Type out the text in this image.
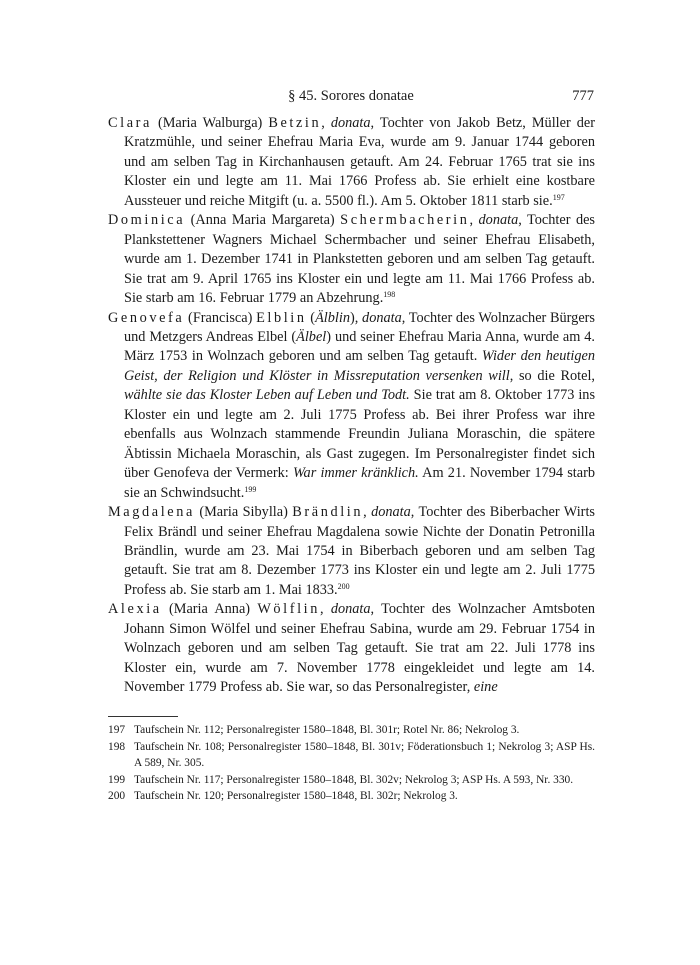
§ 45. Sorores donatae	777

Clara (Maria Walburga) Betzin, donata, Tochter von Jakob Betz, Müller der Kratzmühle, und seiner Ehefrau Maria Eva, wurde am 9. Januar 1744 geboren und am selben Tag in Kirchanhausen getauft. Am 24. Februar 1765 trat sie ins Kloster ein und legte am 11. Mai 1766 Profess ab. Sie erhielt eine kostbare Aussteuer und reiche Mitgift (u. a. 5500 fl.). Am 5. Oktober 1811 starb sie.$^{197}$

Dominica (Anna Maria Margareta) Schermbacherin, donata, Tochter des Plankstettener Wagners Michael Schermbacher und seiner Ehefrau Elisabeth, wurde am 1. Dezember 1741 in Plankstetten geboren und am selben Tag getauft. Sie trat am 9. April 1765 ins Kloster ein und legte am 11. Mai 1766 Profess ab. Sie starb am 16. Februar 1779 an Abzehrung.$^{198}$

Genovefa (Francisca) Elblin (Älblin), donata, Tochter des Wolnzacher Bürgers und Metzgers Andreas Elbel (Älbel) und seiner Ehefrau Maria Anna, wurde am 4. März 1753 in Wolnzach geboren und am selben Tag getauft. Wider den heutigen Geist, der Religion und Klöster in Missreputation versenken will, so die Rotel, wählte sie das Kloster Leben auf Leben und Todt. Sie trat am 8. Oktober 1773 ins Kloster ein und legte am 2. Juli 1775 Profess ab. Bei ihrer Profess war ihre ebenfalls aus Wolnzach stammende Freundin Juliana Moraschin, die spätere Äbtissin Michaela Moraschin, als Gast zugegen. Im Personalregister findet sich über Genofeva der Vermerk: War immer kränklich. Am 21. November 1794 starb sie an Schwindsucht.$^{199}$

Magdalena (Maria Sibylla) Brändlin, donata, Tochter des Biberbacher Wirts Felix Brändl und seiner Ehefrau Magdalena sowie Nichte der Donatin Petronilla Brändlin, wurde am 23. Mai 1754 in Biberbach geboren und am selben Tag getauft. Sie trat am 8. Dezember 1773 ins Kloster ein und legte am 2. Juli 1775 Profess ab. Sie starb am 1. Mai 1833.$^{200}$

Alexia (Maria Anna) Wölflin, donata, Tochter des Wolnzacher Amtsboten Johann Simon Wölfel und seiner Ehefrau Sabina, wurde am 29. Februar 1754 in Wolnzach geboren und am selben Tag getauft. Sie trat am 22. Juli 1778 ins Kloster ein, wurde am 7. November 1778 eingekleidet und legte am 14. November 1779 Profess ab. Sie war, so das Personalregister, eine

197 Taufschein Nr. 112; Personalregister 1580–1848, Bl. 301r; Rotel Nr. 86; Nekrolog 3.
198 Taufschein Nr. 108; Personalregister 1580–1848, Bl. 301v; Föderationsbuch 1; Nekrolog 3; ASP Hs. A 589, Nr. 305.
199 Taufschein Nr. 117; Personalregister 1580–1848, Bl. 302v; Nekrolog 3; ASP Hs. A 593, Nr. 330.
200 Taufschein Nr. 120; Personalregister 1580–1848, Bl. 302r; Nekrolog 3.
